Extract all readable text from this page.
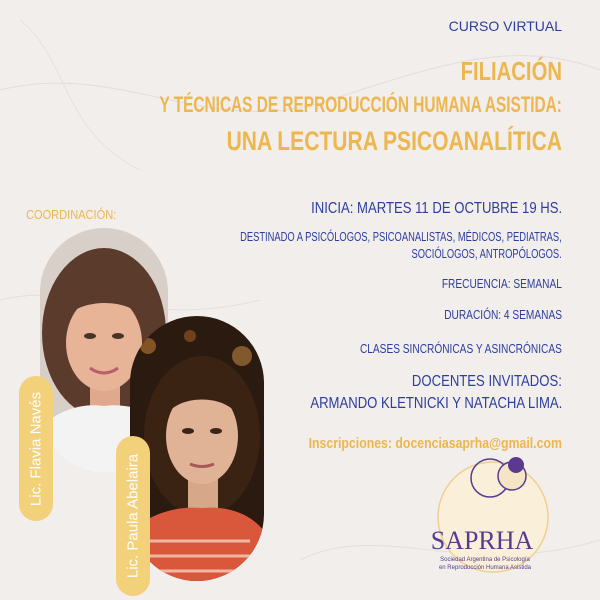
CURSO VIRTUAL

FILIACIÓN

Y TÉCNICAS DE REPRODUCCIÓN HUMANA ASISTIDA:

UNA LECTURA PSICOANALÍTICA

COORDINACIÓN:	INICIA: MARTES 11 DE OCTUBRE 19 HS.

DESTINADO A PSICÓLOGOS, PSICOANALISTAS, MÉDICOS, PEDIATRAS,

SOCIÓLOGOS, ANTROPÓLOGOS.

FRECUENCIA: SEMANAL

DURACIÓN: 4 SEMANAS

CLASES SINCRÓNICAS Y ASINCRÓNICAS

DOCENTES INVITADOS:

ARMANDO KLETNICKI Y NATACHA LIMA.

Inscripciones: docenciasaprha@gmail.com

Lic. Flavia Navés
Lic. Paula Abelaira	SAPRHA
Sociedad Argentina de Psicología
en Reproducción Humana Asistida
